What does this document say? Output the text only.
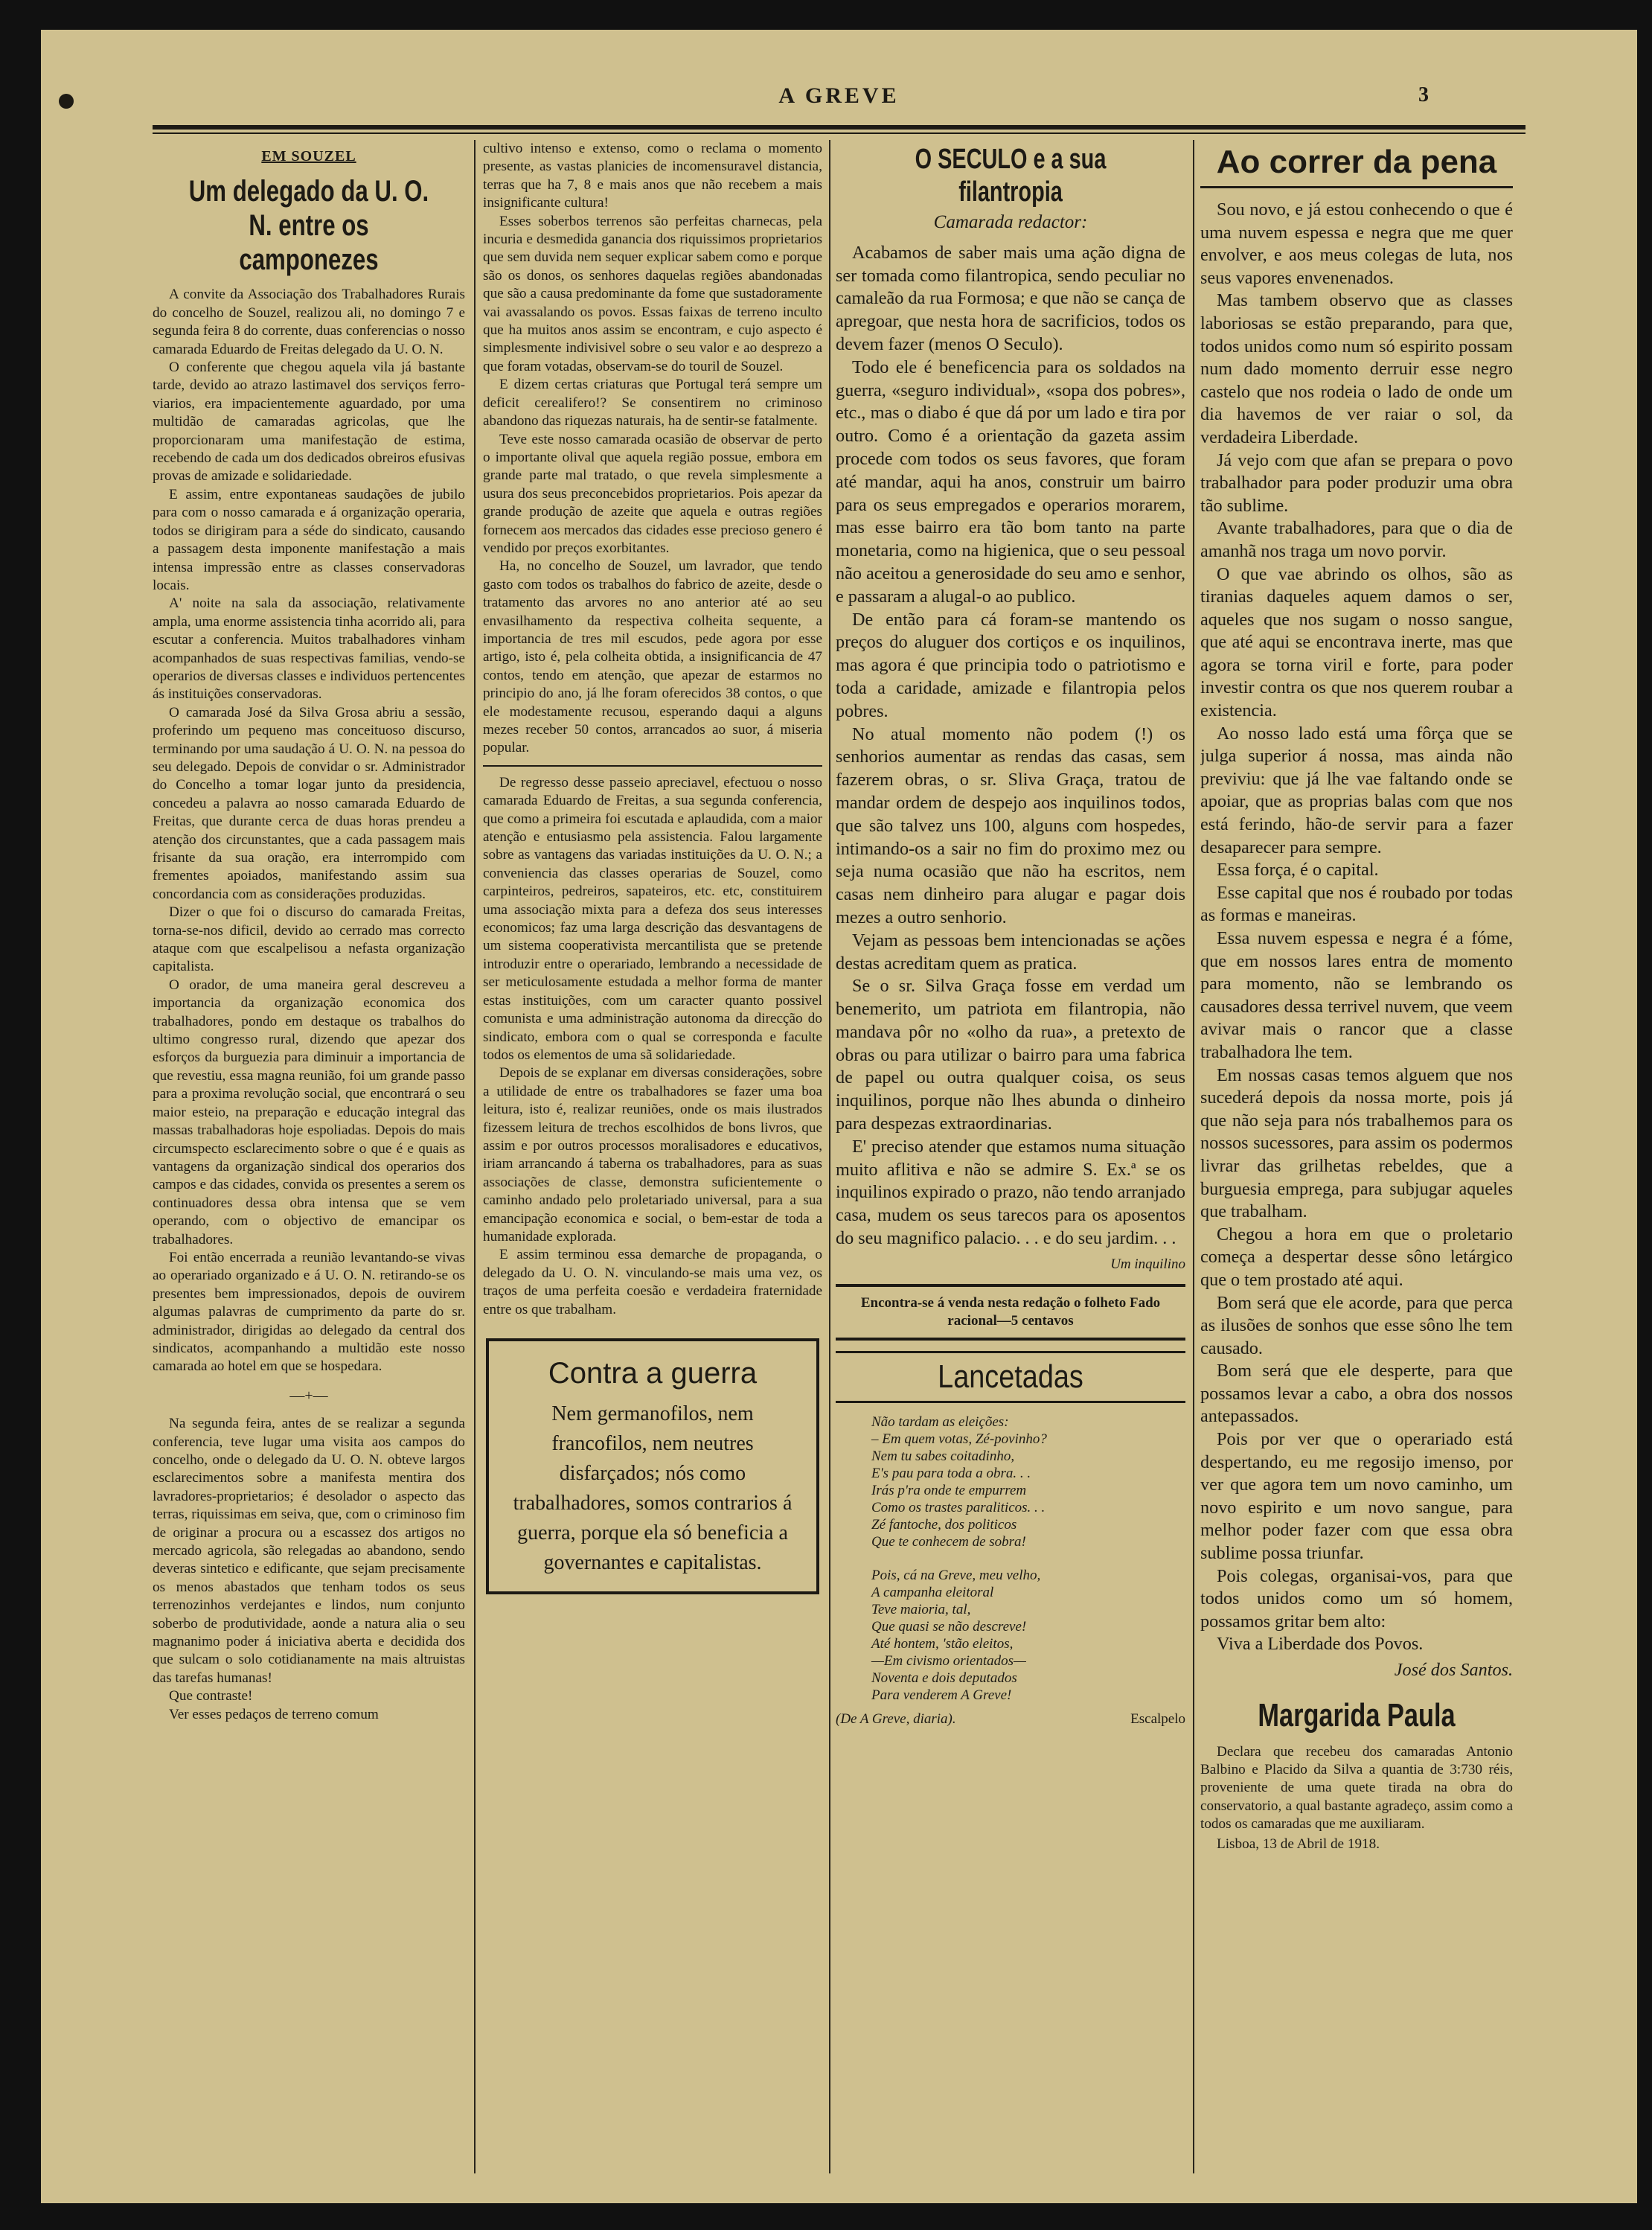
A GREVE	3
EM SOUZEL
Um delegado da U. O. N. entre os camponezes

A convite da Associação dos Trabalhadores Rurais do concelho de Souzel, realizou ali, no domingo 7 e segunda feira 8 do corrente, duas conferencias o nosso camarada Eduardo de Freitas delegado da U. O. N.

O conferente que chegou aquela vila já bastante tarde, devido ao atrazo lastimavel dos serviços ferro-viarios, era impacientemente aguardado, por uma multidão de camaradas agricolas, que lhe proporcionaram uma manifestação de estima, recebendo de cada um dos dedicados obreiros efusivas provas de amizade e solidariedade.

E assim, entre expontaneas saudações de jubilo para com o nosso camarada e á organização operaria, todos se dirigiram para a séde do sindicato, causando a passagem desta imponente manifestação a mais intensa impressão entre as classes conservadoras locais.

A' noite na sala da associação, relativamente ampla, uma enorme assistencia tinha acorrido ali, para escutar a conferencia. Muitos trabalhadores vinham acompanhados de suas respectivas familias, vendo-se operarios de diversas classes e individuos pertencentes ás instituições conservadoras.

O camarada José da Silva Grosa abriu a sessão, proferindo um pequeno mas conceituoso discurso, terminando por uma saudação á U. O. N. na pessoa do seu delegado. Depois de convidar o sr. Administrador do Concelho a tomar logar junto da presidencia, concedeu a palavra ao nosso camarada Eduardo de Freitas, que durante cerca de duas horas prendeu a atenção dos circunstantes, que a cada passagem mais frisante da sua oração, era interrompido com frementes apoiados, manifestando assim sua concordancia com as considerações produzidas.

Dizer o que foi o discurso do camarada Freitas, torna-se-nos dificil, devido ao cerrado mas correcto ataque com que escalpelisou a nefasta organização capitalista.

O orador, de uma maneira geral descreveu a importancia da organização economica dos trabalhadores, pondo em destaque os trabalhos do ultimo congresso rural, dizendo que apezar dos esforços da burguezia para diminuir a importancia de que revestiu, essa magna reunião, foi um grande passo para a proxima revolução social, que encontrará o seu maior esteio, na preparação e educação integral das massas trabalhadoras hoje espoliadas. Depois do mais circumspecto esclarecimento sobre o que é e quais as vantagens da organização sindical dos operarios dos campos e das cidades, convida os presentes a serem os continuadores dessa obra intensa que se vem operando, com o objectivo de emancipar os trabalhadores.

Foi então encerrada a reunião levantando-se vivas ao operariado organizado e á U. O. N. retirando-se os presentes bem impressionados, depois de ouvirem algumas palavras de cumprimento da parte do sr. administrador, dirigidas ao delegado da central dos sindicatos, acompanhando a multidão este nosso camarada ao hotel em que se hospedara.

—+—

Na segunda feira, antes de se realizar a segunda conferencia, teve lugar uma visita aos campos do concelho, onde o delegado da U. O. N. obteve largos esclarecimentos sobre a manifesta mentira dos lavradores-proprietarios; é desolador o aspecto das terras, riquissimas em seiva, que, com o criminoso fim de originar a procura ou a escassez dos artigos no mercado agricola, são relegadas ao abandono, sendo deveras sintetico e edificante, que sejam precisamente os menos abastados que tenham todos os seus terrenozinhos verdejantes e lindos, num conjunto soberbo de produtividade, aonde a natura alia o seu magnanimo poder á iniciativa aberta e decidida dos que sulcam o solo cotidianamente na mais altruistas das tarefas humanas!

Que contraste!

Ver esses pedaços de terreno comum

cultivo intenso e extenso, como o reclama o momento presente, as vastas planicies de incomensuravel distancia, terras que ha 7, 8 e mais anos que não recebem a mais insignificante cultura!

Esses soberbos terrenos são perfeitas charnecas, pela incuria e desmedida ganancia dos riquissimos proprietarios que sem duvida nem sequer explicar sabem como e porque são os donos, os senhores daquelas regiões abandonadas que são a causa predominante da fome que sustadoramente vai avassalando os povos. Essas faixas de terreno inculto que ha muitos anos assim se encontram, e cujo aspecto é simplesmente indivisivel sobre o seu valor e ao desprezo a que foram votadas, observam-se do touril de Souzel.

E dizem certas criaturas que Portugal terá sempre um deficit cerealifero!? Se consentirem no criminoso abandono das riquezas naturais, ha de sentir-se fatalmente.

Teve este nosso camarada ocasião de observar de perto o importante olival que aquela região possue, embora em grande parte mal tratado, o que revela simplesmente a usura dos seus preconcebidos proprietarios. Pois apezar da grande produção de azeite que aquela e outras regiões fornecem aos mercados das cidades esse precioso genero é vendido por preços exorbitantes.

Ha, no concelho de Souzel, um lavrador, que tendo gasto com todos os trabalhos do fabrico de azeite, desde o tratamento das arvores no ano anterior até ao seu envasilhamento da respectiva colheita sequente, a importancia de tres mil escudos, pede agora por esse artigo, isto é, pela colheita obtida, a insignificancia de 47 contos, tendo em atenção, que apezar de estarmos no principio do ano, já lhe foram oferecidos 38 contos, o que ele modestamente recusou, esperando daqui a alguns mezes receber 50 contos, arrancados ao suor, á miseria popular.

De regresso desse passeio apreciavel, efectuou o nosso camarada Eduardo de Freitas, a sua segunda conferencia, que como a primeira foi escutada e aplaudida, com a maior atenção e entusiasmo pela assistencia. Falou largamente sobre as vantagens das variadas instituições da U. O. N.; a conveniencia das classes operarias de Souzel, como carpinteiros, pedreiros, sapateiros, etc. etc, constituirem uma associação mixta para a defeza dos seus interesses economicos; faz uma larga descrição das desvantagens de um sistema cooperativista mercantilista que se pretende introduzir entre o operariado, lembrando a necessidade de ser meticulosamente estudada a melhor forma de manter estas instituições, com um caracter quanto possivel comunista e uma administração autonoma da direcção do sindicato, embora com o qual se corresponda e faculte todos os elementos de uma sã solidariedade.

Depois de se explanar em diversas considerações, sobre a utilidade de entre os trabalhadores se fazer uma boa leitura, isto é, realizar reuniões, onde os mais ilustrados fizessem leitura de trechos escolhidos de bons livros, que assim e por outros processos moralisadores e educativos, iriam arrancando á taberna os trabalhadores, para as suas associações de classe, demonstra suficientemente o caminho andado pelo proletariado universal, para a sua emancipação economica e social, o bem-estar de toda a humanidade explorada.

E assim terminou essa demarche de propaganda, o delegado da U. O. N. vinculando-se mais uma vez, os traços de uma perfeita coesão e verdadeira fraternidade entre os que trabalham.

Contra a guerra
Nem germanofilos, nem francofilos, nem neutres disfarçados; nós como trabalhadores, somos contrarios á guerra, porque ela só beneficia a governantes e capitalistas.
O SECULO e a sua filantropia
Camarada redactor:

Acabamos de saber mais uma ação digna de ser tomada como filantropica, sendo peculiar no camaleão da rua Formosa; e que não se cança de apregoar, que nesta hora de sacrificios, todos os devem fazer (menos O Seculo).

Todo ele é beneficencia para os soldados na guerra, «seguro individual», «sopa dos pobres», etc., mas o diabo é que dá por um lado e tira por outro. Como é a orientação da gazeta assim procede com todos os seus favores, que foram até mandar, aqui ha anos, construir um bairro para os seus empregados e operarios morarem, mas esse bairro era tão bom tanto na parte monetaria, como na higienica, que o seu pessoal não aceitou a generosidade do seu amo e senhor, e passaram a alugal-o ao publico.

De então para cá foram-se mantendo os preços do aluguer dos cortiços e os inquilinos, mas agora é que principia todo o patriotismo e toda a caridade, amizade e filantropia pelos pobres.

No atual momento não podem (!) os senhorios aumentar as rendas das casas, sem fazerem obras, o sr. Sliva Graça, tratou de mandar ordem de despejo aos inquilinos todos, que são talvez uns 100, alguns com hospedes, intimando-os a sair no fim do proximo mez ou seja numa ocasião que não ha escritos, nem casas nem dinheiro para alugar e pagar dois mezes a outro senhorio.

Vejam as pessoas bem intencionadas se ações destas acreditam quem as pratica.

Se o sr. Silva Graça fosse em verdad um benemerito, um patriota em filantropia, não mandava pôr no «olho da rua», a pretexto de obras ou para utilizar o bairro para uma fabrica de papel ou outra qualquer coisa, os seus inquilinos, porque não lhes abunda o dinheiro para despezas extraordinarias.

E' preciso atender que estamos numa situação muito aflitiva e não se admire S. Ex.ª se os inquilinos expirado o prazo, não tendo arranjado casa, mudem os seus tarecos para os aposentos do seu magnifico palacio. . . e do seu jardim. . .

Um inquilino
Encontra-se á venda nesta redação o folheto Fado racional—5 centavos
Lancetadas
Não tardam as eleições:
– Em quem votas, Zé-povinho?
Nem tu sabes coitadinho,
E's pau para toda a obra. . .
Irás p'ra onde te empurrem
Como os trastes paraliticos. . .
Zé fantoche, dos politicos
Que te conhecem de sobra!
Pois, cá na Greve, meu velho,
A campanha eleitoral
Teve maioria, tal,
Que quasi se não descreve!
Até hontem, 'stão eleitos,
—Em civismo orientados—
Noventa e dois deputados
Para venderem A Greve!
(De A Greve, diaria).	Escalpelo
Ao correr da pena

Sou novo, e já estou conhecendo o que é uma nuvem espessa e negra que me quer envolver, e aos meus colegas de luta, nos seus vapores envenenados.

Mas tambem observo que as classes laboriosas se estão preparando, para que, todos unidos como num só espirito possam num dado momento derruir esse negro castelo que nos rodeia o lado de onde um dia havemos de ver raiar o sol, da verdadeira Liberdade.

Já vejo com que afan se prepara o povo trabalhador para poder produzir uma obra tão sublime.

Avante trabalhadores, para que o dia de amanhã nos traga um novo porvir.

O que vae abrindo os olhos, são as tiranias daqueles aquem damos o ser, aqueles que nos sugam o nosso sangue, que até aqui se encontrava inerte, mas que agora se torna viril e forte, para poder investir contra os que nos querem roubar a existencia.

Ao nosso lado está uma fôrça que se julga superior á nossa, mas ainda não previviu: que já lhe vae faltando onde se apoiar, que as proprias balas com que nos está ferindo, hão-de servir para a fazer desaparecer para sempre.

Essa força, é o capital.

Esse capital que nos é roubado por todas as formas e maneiras.

Essa nuvem espessa e negra é a fóme, que em nossos lares entra de momento para momento, não se lembrando os causadores dessa terrivel nuvem, que veem avivar mais o rancor que a classe trabalhadora lhe tem.

Em nossas casas temos alguem que nos sucederá depois da nossa morte, pois já que não seja para nós trabalhemos para os nossos sucessores, para assim os podermos livrar das grilhetas rebeldes, que a burguesia emprega, para subjugar aqueles que trabalham.

Chegou a hora em que o proletario começa a despertar desse sôno letárgico que o tem prostado até aqui.

Bom será que ele acorde, para que perca as ilusões de sonhos que esse sôno lhe tem causado.

Bom será que ele desperte, para que possamos levar a cabo, a obra dos nossos antepassados.

Pois por ver que o operariado está despertando, eu me regosijo imenso, por ver que agora tem um novo caminho, um novo espirito e um novo sangue, para melhor poder fazer com que essa obra sublime possa triunfar.

Pois colegas, organisai-vos, para que todos unidos como um só homem, possamos gritar bem alto:

Viva a Liberdade dos Povos.

José dos Santos.
Margarida Paula

Declara que recebeu dos camaradas Antonio Balbino e Placido da Silva a quantia de 3:730 réis, proveniente de uma quete tirada na obra do conservatorio, a qual bastante agradeço, assim como a todos os camaradas que me auxiliaram.

Lisboa, 13 de Abril de 1918.
